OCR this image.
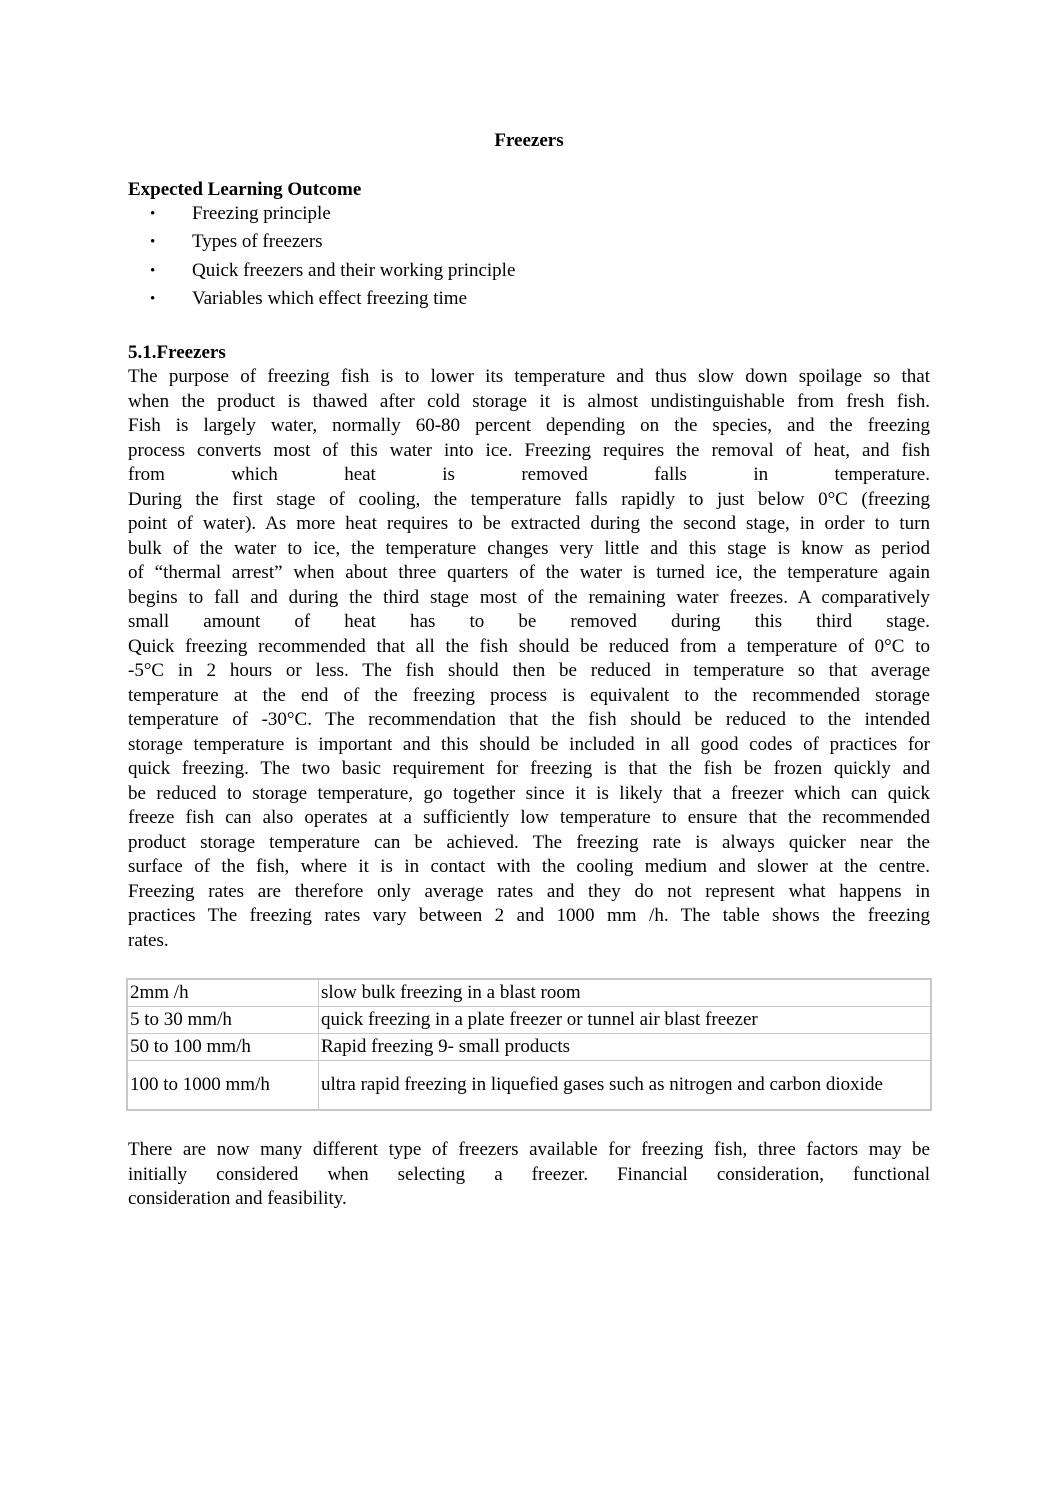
Freezers
Expected Learning Outcome
• Freezing principle
• Types of freezers
• Quick freezers and their working principle
• Variables which effect freezing time
5.1.Freezers
The purpose of freezing fish is to lower its temperature and thus slow down spoilage so that
when the product is thawed after cold storage it is almost undistinguishable from fresh fish.
Fish is largely water, normally 60-80 percent depending on the species, and the freezing
process converts most of this water into ice. Freezing requires the removal of heat, and fish
from which heat is removed falls in temperature.
During the first stage of cooling, the temperature falls rapidly to just below 0°C (freezing
point of water). As more heat requires to be extracted during the second stage, in order to turn
bulk of the water to ice, the temperature changes very little and this stage is know as period
of “thermal arrest” when about three quarters of the water is turned ice, the temperature again
begins to fall and during the third stage most of the remaining water freezes. A comparatively
small amount of heat has to be removed during this third stage.
Quick freezing recommended that all the fish should be reduced from a temperature of 0°C to
-5°C in 2 hours or less. The fish should then be reduced in temperature so that average
temperature at the end of the freezing process is equivalent to the recommended storage
temperature of -30°C. The recommendation that the fish should be reduced to the intended
storage temperature is important and this should be included in all good codes of practices for
quick freezing. The two basic requirement for freezing is that the fish be frozen quickly and
be reduced to storage temperature, go together since it is likely that a freezer which can quick
freeze fish can also operates at a sufficiently low temperature to ensure that the recommended
product storage temperature can be achieved. The freezing rate is always quicker near the
surface of the fish, where it is in contact with the cooling medium and slower at the centre.
Freezing rates are therefore only average rates and they do not represent what happens in
practices The freezing rates vary between 2 and 1000 mm /h. The table shows the freezing
rates.
2mm /h	slow bulk freezing in a blast room
5 to 30 mm/h	quick freezing in a plate freezer or tunnel air blast freezer
50 to 100 mm/h	Rapid freezing 9- small products
100 to 1000 mm/h	ultra rapid freezing in liquefied gases such as nitrogen and carbon dioxide
There are now many different type of freezers available for freezing fish, three factors may be
initially considered when selecting a freezer. Financial consideration, functional
consideration and feasibility.
